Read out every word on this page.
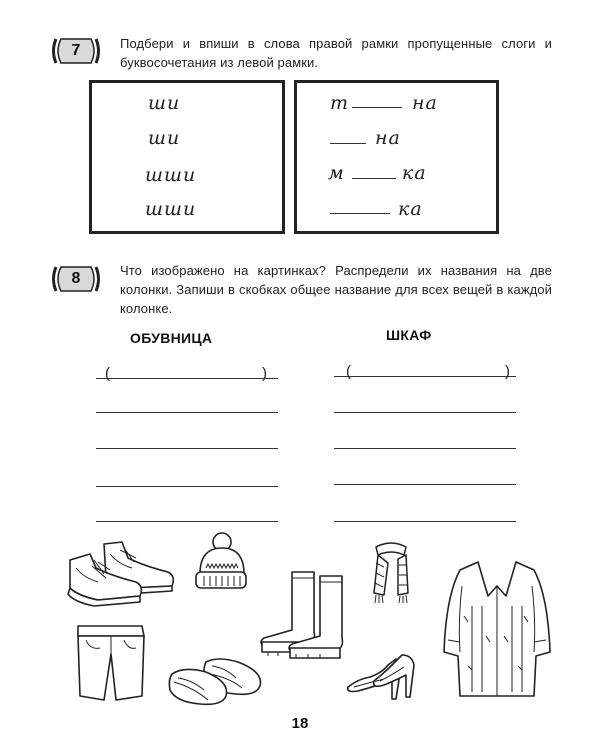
7	Подбери и впиши в слова правой рамки пропущенные слоги и буквосочетания из левой рамки.
ши
ши
шши
шши
т	на
на
м	ка
ка
8	Что изображено на картинках? Распредели их названия на две колонки. Запиши в скобках общее название для всех вещей в каждой колонке.
ОБУВНИЦА
(	)
ШКАФ
(	)
18
